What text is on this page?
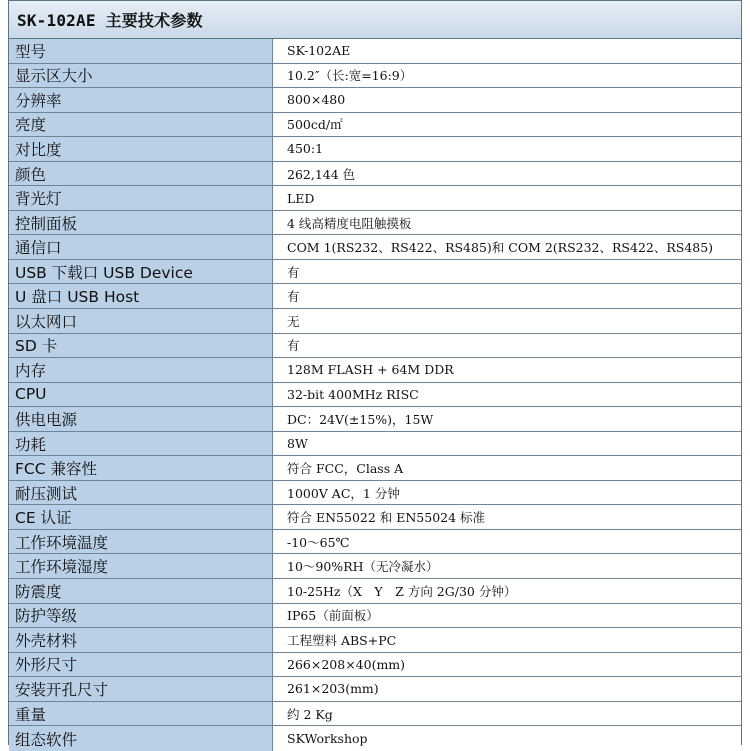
SK-102AE 主要技术参数
型号	SK-102AE
显示区大小	10.2″（长:宽=16:9）
分辨率	800×480
亮度	500cd/㎡
对比度	450:1
颜色	262,144 色
背光灯	LED
控制面板	4 线高精度电阻触摸板
通信口	COM 1(RS232、RS422、RS485)和 COM 2(RS232、RS422、RS485)
USB 下载口 USB Device	有
U 盘口 USB Host	有
以太网口	无
SD 卡	有
内存	128M FLASH + 64M DDR
CPU	32-bit 400MHz RISC
供电电源	DC：24V(±15%)，15W
功耗	8W
FCC 兼容性	符合 FCC，Class A
耐压测试	1000V AC，1 分钟
CE 认证	符合 EN55022 和 EN55024 标准
工作环境温度	-10～65℃
工作环境湿度	10～90%RH（无冷凝水）
防震度	10-25Hz（X　Y　Z 方向 2G/30 分钟）
防护等级	IP65（前面板）
外壳材料	工程塑料 ABS+PC
外形尺寸	266×208×40(mm)
安装开孔尺寸	261×203(mm)
重量	约 2 Kg
组态软件	SKWorkshop
